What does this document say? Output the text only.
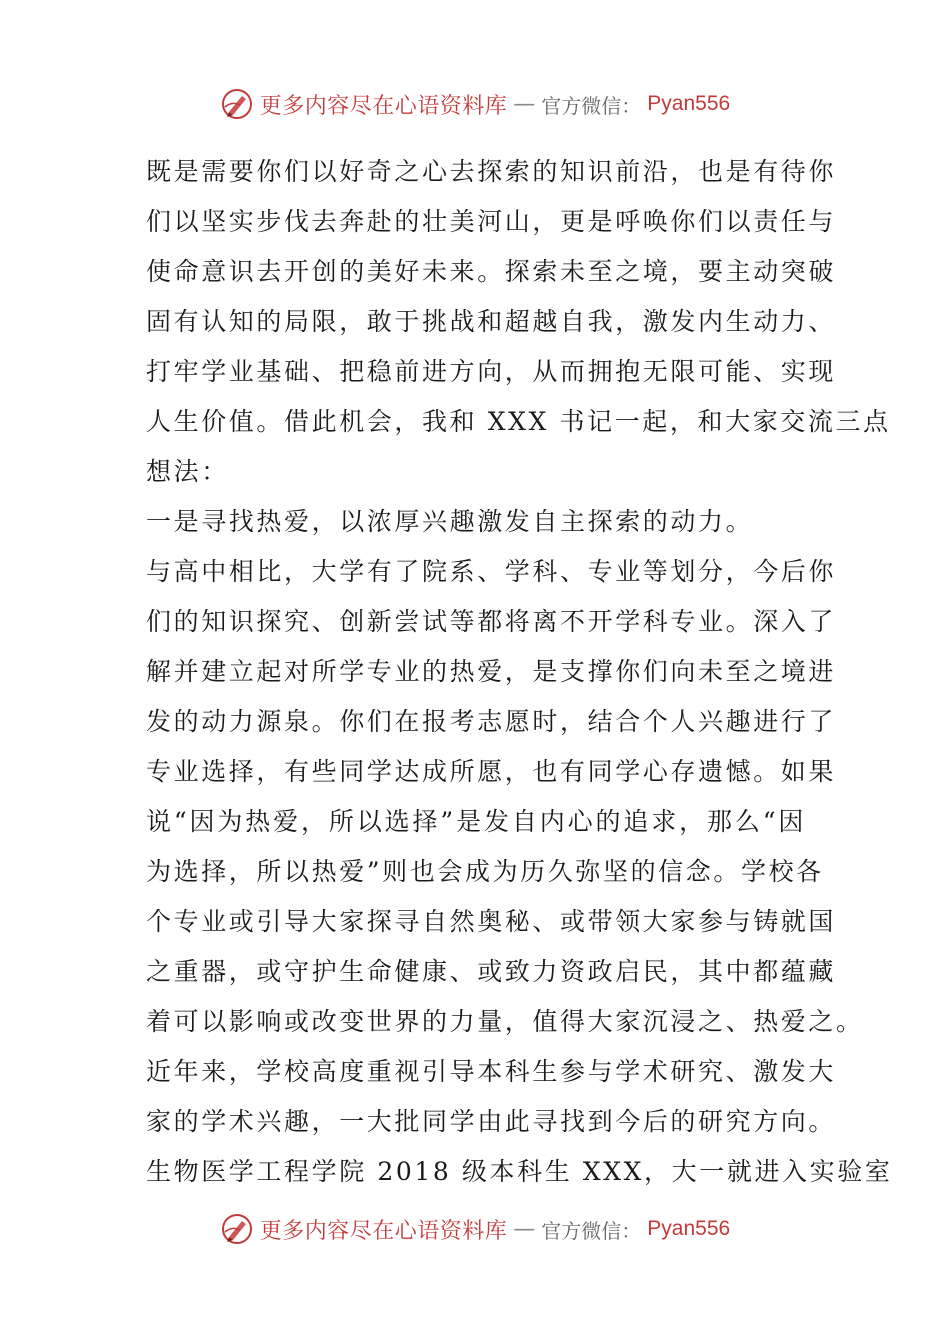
更多内容尽在心语资料库 — 官方微信： Pyan556
既是需要你们以好奇之心去探索的知识前沿，也是有待你
们以坚实步伐去奔赴的壮美河山，更是呼唤你们以责任与
使命意识去开创的美好未来。探索未至之境，要主动突破
固有认知的局限，敢于挑战和超越自我，激发内生动力、
打牢学业基础、把稳前进方向，从而拥抱无限可能、实现
人生价值。借此机会，我和 XXX 书记一起，和大家交流三点
想法：
一是寻找热爱，以浓厚兴趣激发自主探索的动力。
与高中相比，大学有了院系、学科、专业等划分，今后你
们的知识探究、创新尝试等都将离不开学科专业。深入了
解并建立起对所学专业的热爱，是支撑你们向未至之境进
发的动力源泉。你们在报考志愿时，结合个人兴趣进行了
专业选择，有些同学达成所愿，也有同学心存遗憾。如果
说“因为热爱，所以选择”是发自内心的追求，那么“因
为选择，所以热爱”则也会成为历久弥坚的信念。学校各
个专业或引导大家探寻自然奥秘、或带领大家参与铸就国
之重器，或守护生命健康、或致力资政启民，其中都蕴藏
着可以影响或改变世界的力量，值得大家沉浸之、热爱之。
近年来，学校高度重视引导本科生参与学术研究、激发大
家的学术兴趣，一大批同学由此寻找到今后的研究方向。
生物医学工程学院 2018 级本科生 XXX，大一就进入实验室
更多内容尽在心语资料库 — 官方微信： Pyan556
